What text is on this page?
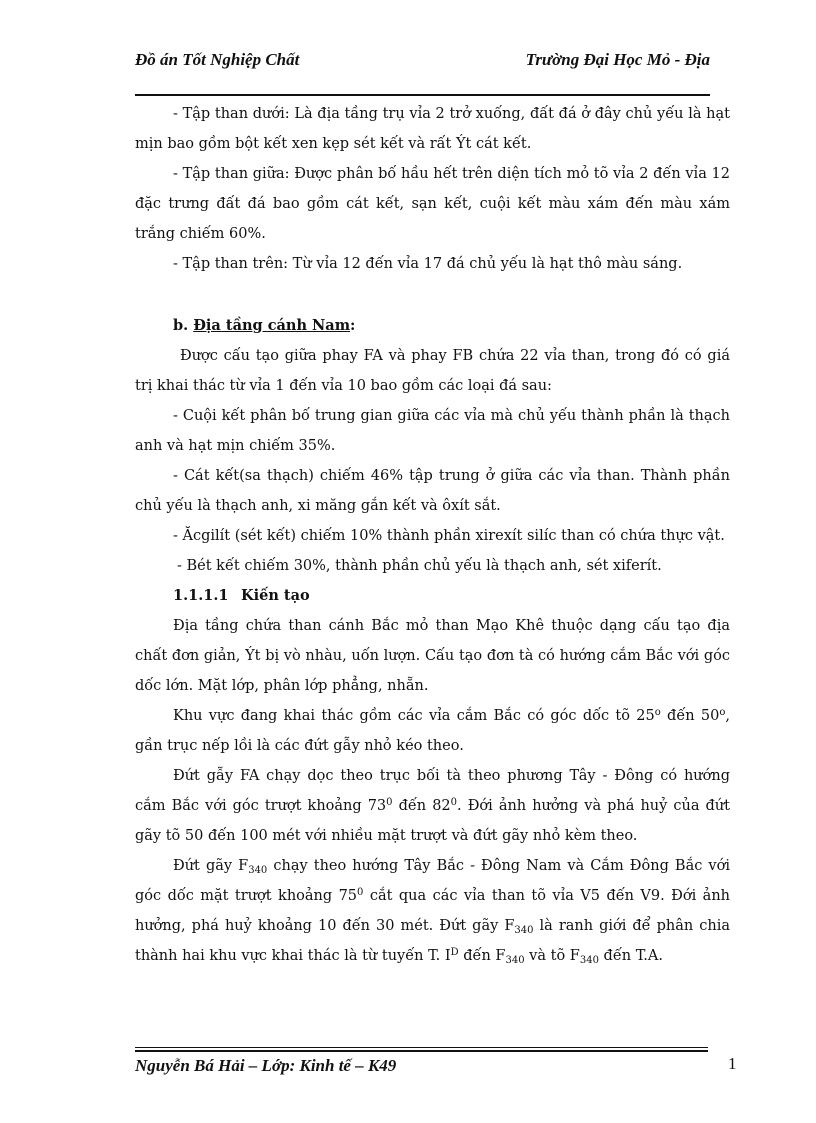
Đồ án Tốt Nghiệp Chất	Trường Đại Học Mỏ - Địa

- Tập than dưới: Là địa tầng trụ vỉa 2 trở xuống, đất đá ở đây chủ yếu là hạt mịn bao gồm bột kết xen kẹp sét kết và rất Ýt cát kết.

- Tập than giữa: Được phân bố hầu hết trên diện tích mỏ tõ vỉa 2 đến vỉa 12 đặc trưng đất đá bao gồm cát kết, sạn kết, cuội kết màu xám đến màu xám trắng chiếm 60%.

- Tập than trên: Từ vỉa 12 đến vỉa 17 đá chủ yếu là hạt thô màu sáng.

b. Địa tầng cánh Nam:

Được cấu tạo giữa phay FA và phay FB chứa 22 vỉa than, trong đó có giá trị khai thác từ vỉa 1 đến vỉa 10 bao gồm các loại đá sau:

- Cuội kết phân bố trung gian giữa các vỉa mà chủ yếu thành phần là thạch anh và hạt mịn chiếm 35%.

- Cát kết(sa thạch) chiếm 46% tập trung ở giữa các vỉa than. Thành phần chủ yếu là thạch anh, xi măng gắn kết và ôxít sắt.

- Ăcgilít (sét kết) chiếm 10% thành phần xirexít silíc than có chứa thực vật.

- Bét kết chiếm 30%, thành phần chủ yếu là thạch anh, sét xiferít.

1.1.1.1 Kiến tạo

Địa tầng chứa than cánh Bắc mỏ than Mạo Khê thuộc dạng cấu tạo địa chất đơn giản, Ýt bị vò nhàu, uốn lượn. Cấu tạo đơn tà có hướng cắm Bắc với góc dốc lớn. Mặt lớp, phân lớp phẳng, nhẵn.

Khu vực đang khai thác gồm các vỉa cắm Bắc có góc dốc tõ 25$^o$ đến 50$^o$, gần trục nếp lồi là các đứt gẫy nhỏ kéo theo.

Đứt gẫy FA chạy dọc theo trục bối tà theo phương Tây - Đông có hướng cắm Bắc với góc trượt khoảng $73^0$ đến $82^0$. Đới ảnh hưởng và phá huỷ của đứt gãy tõ 50 đến 100 mét với nhiều mặt trượt và đứt gãy nhỏ kèm theo.

Đứt gãy $F_{340}$ chạy theo hướng Tây Bắc - Đông Nam và Cắm Đông Bắc với góc dốc mặt trượt khoảng $75^0$ cắt qua các vỉa than tõ vỉa V5 đến V9. Đới ảnh hưởng, phá huỷ khoảng 10 đến 30 mét. Đứt gãy $F_{340}$ là ranh giới để phân chia thành hai khu vực khai thác là từ tuyến T. $I^D$ đến $F_{340}$ và tõ $F_{340}$ đến T.A.

Nguyễn Bá Hải – Lớp: Kinh tế – K49	1
